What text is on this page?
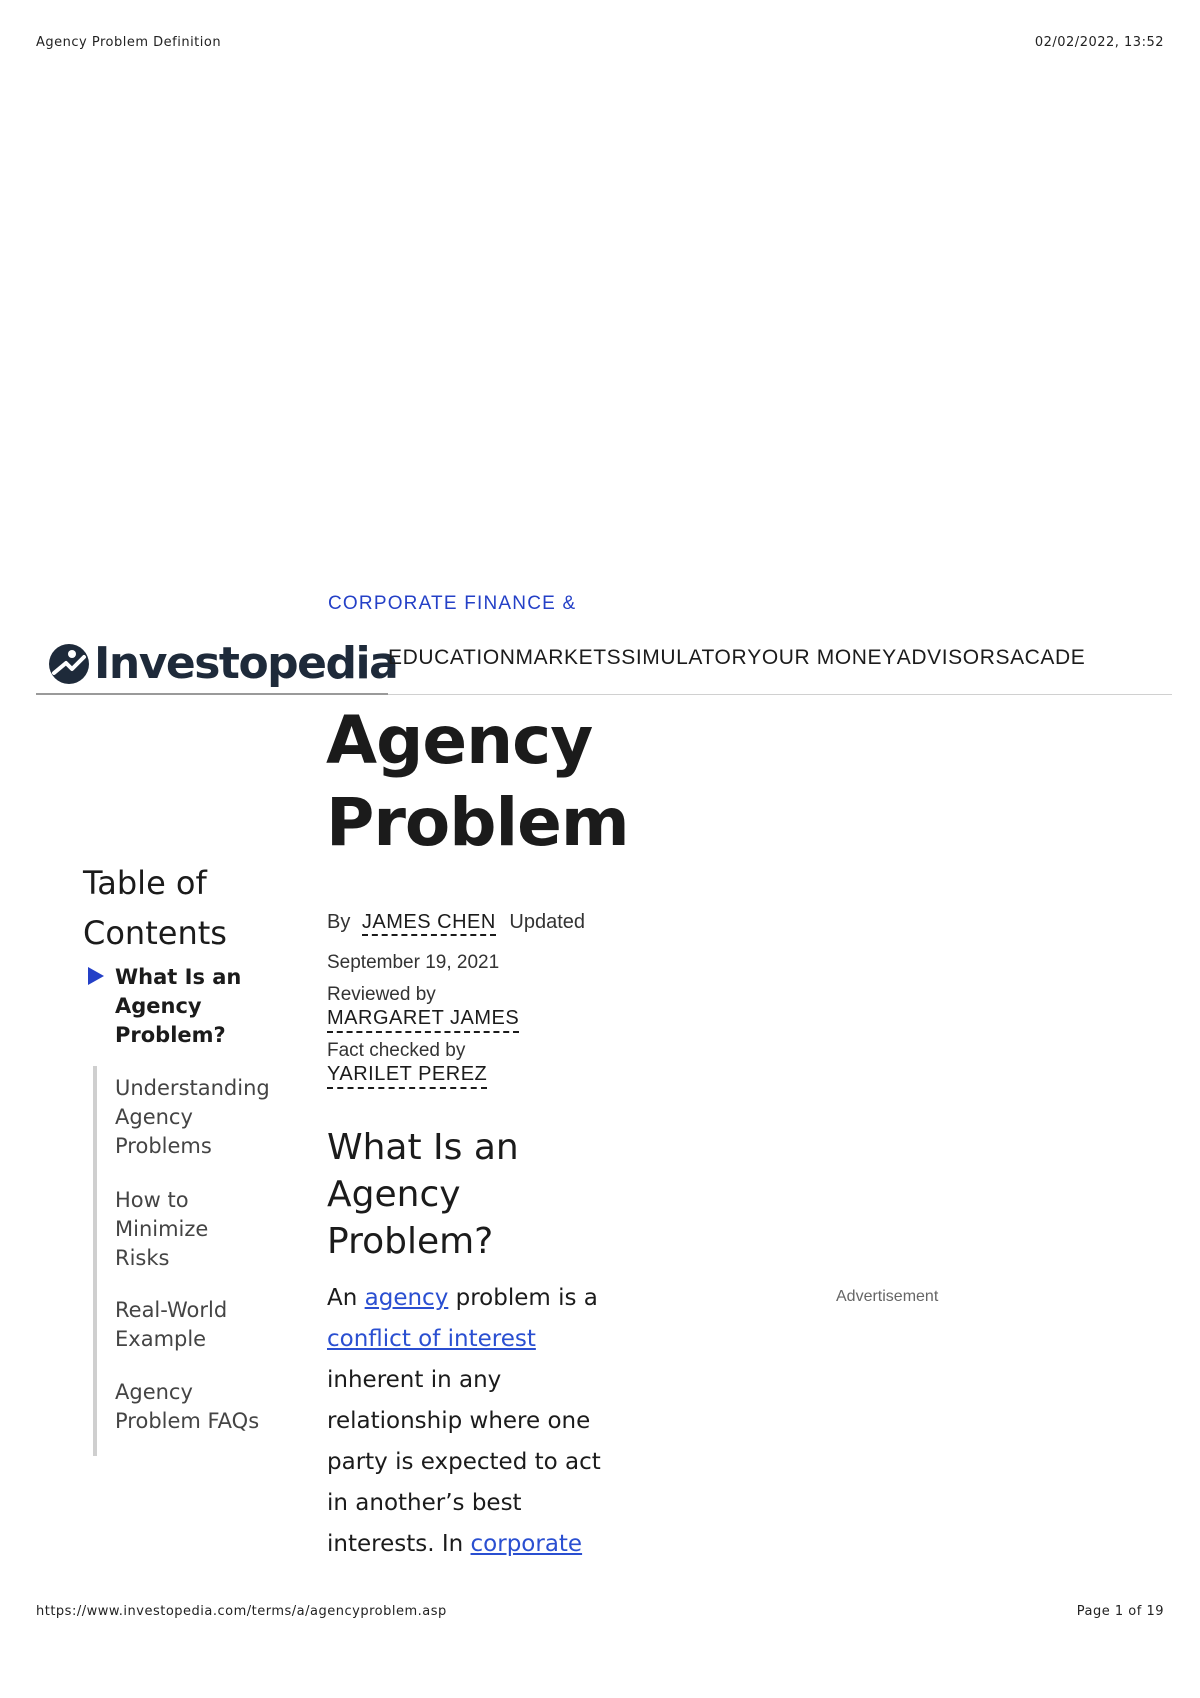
Agency Problem Definition	02/02/2022, 13:52
CORPORATE FINANCE &
Investopedia
EDUCATION MARKETS SIMULATOR YOUR MONEY ADVISORS ACADE
Agency
Problem
Table of
Contents
What Is an
Agency
Problem?
Understanding
Agency
Problems
How to
Minimize
Risks
Real-World
Example
Agency
Problem FAQs
By JAMES CHEN Updated
September 19, 2021
Reviewed by
MARGARET JAMES
Fact checked by
YARILET PEREZ
What Is an
Agency
Problem?
An agency problem is a
conflict of interest
inherent in any
relationship where one
party is expected to act
in another’s best
interests. In corporate
Advertisement
https://www.investopedia.com/terms/a/agencyproblem.asp	Page 1 of 19
